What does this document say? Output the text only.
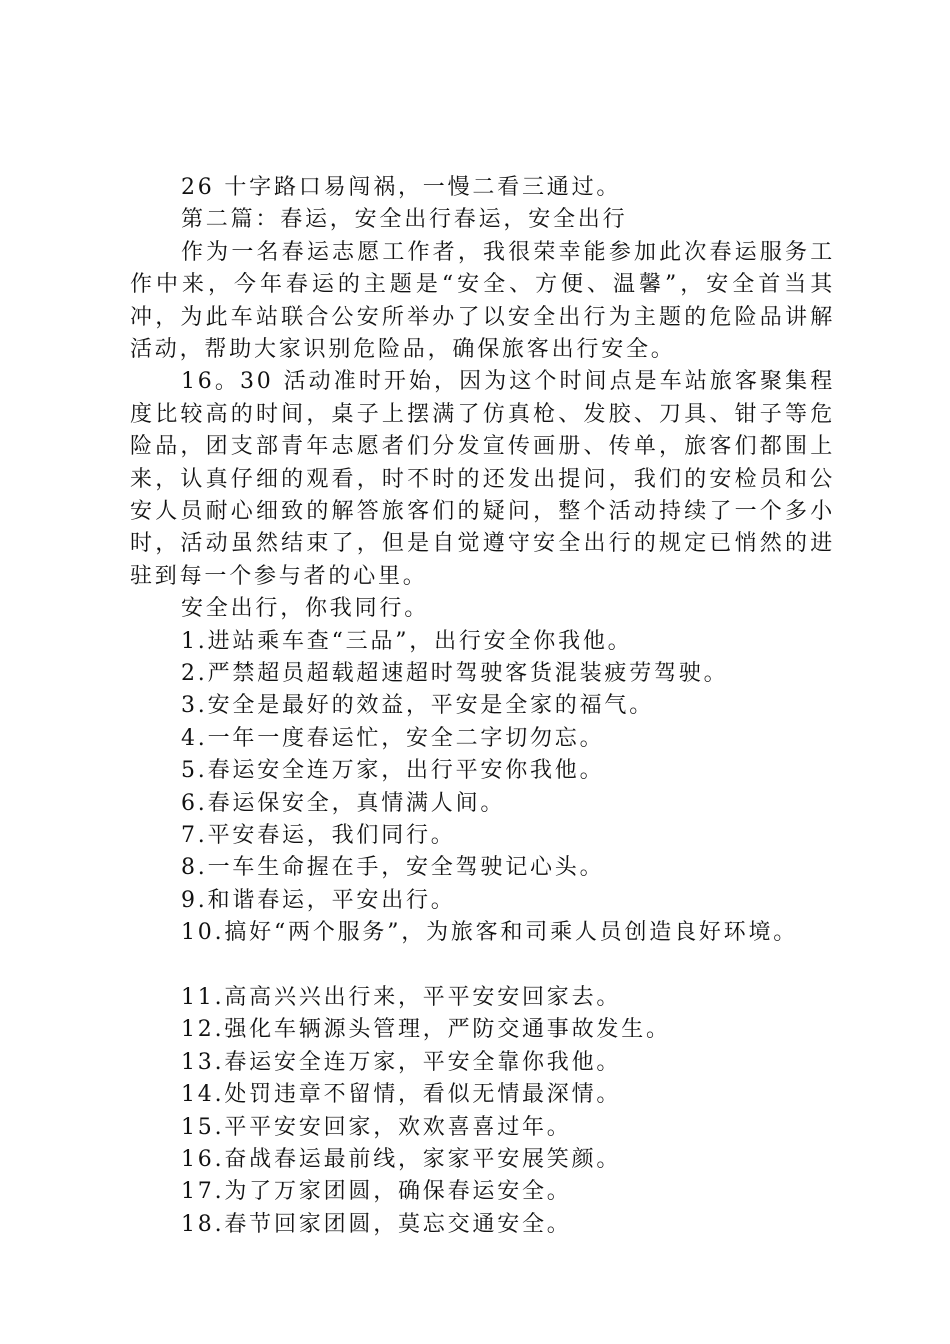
26 十字路口易闯祸，一慢二看三通过。

第二篇：春运，安全出行春运，安全出行

作为一名春运志愿工作者，我很荣幸能参加此次春运服务工作中来，今年春运的主题是“安全、方便、温馨”，安全首当其冲，为此车站联合公安所举办了以安全出行为主题的危险品讲解活动，帮助大家识别危险品，确保旅客出行安全。

16。30 活动准时开始，因为这个时间点是车站旅客聚集程度比较高的时间，桌子上摆满了仿真枪、发胶、刀具、钳子等危险品，团支部青年志愿者们分发宣传画册、传单，旅客们都围上来，认真仔细的观看，时不时的还发出提问，我们的安检员和公安人员耐心细致的解答旅客们的疑问，整个活动持续了一个多小时，活动虽然结束了，但是自觉遵守安全出行的规定已悄然的进驻到每一个参与者的心里。

安全出行，你我同行。

1.进站乘车查“三品”，出行安全你我他。

2.严禁超员超载超速超时驾驶客货混装疲劳驾驶。

3.安全是最好的效益，平安是全家的福气。

4.一年一度春运忙，安全二字切勿忘。

5.春运安全连万家，出行平安你我他。

6.春运保安全，真情满人间。

7.平安春运，我们同行。

8.一车生命握在手，安全驾驶记心头。

9.和谐春运，平安出行。

10.搞好“两个服务”，为旅客和司乘人员创造良好环境。

11.高高兴兴出行来，平平安安回家去。

12.强化车辆源头管理，严防交通事故发生。

13.春运安全连万家，平安全靠你我他。

14.处罚违章不留情，看似无情最深情。

15.平平安安回家，欢欢喜喜过年。

16.奋战春运最前线，家家平安展笑颜。

17.为了万家团圆，确保春运安全。

18.春节回家团圆，莫忘交通安全。
